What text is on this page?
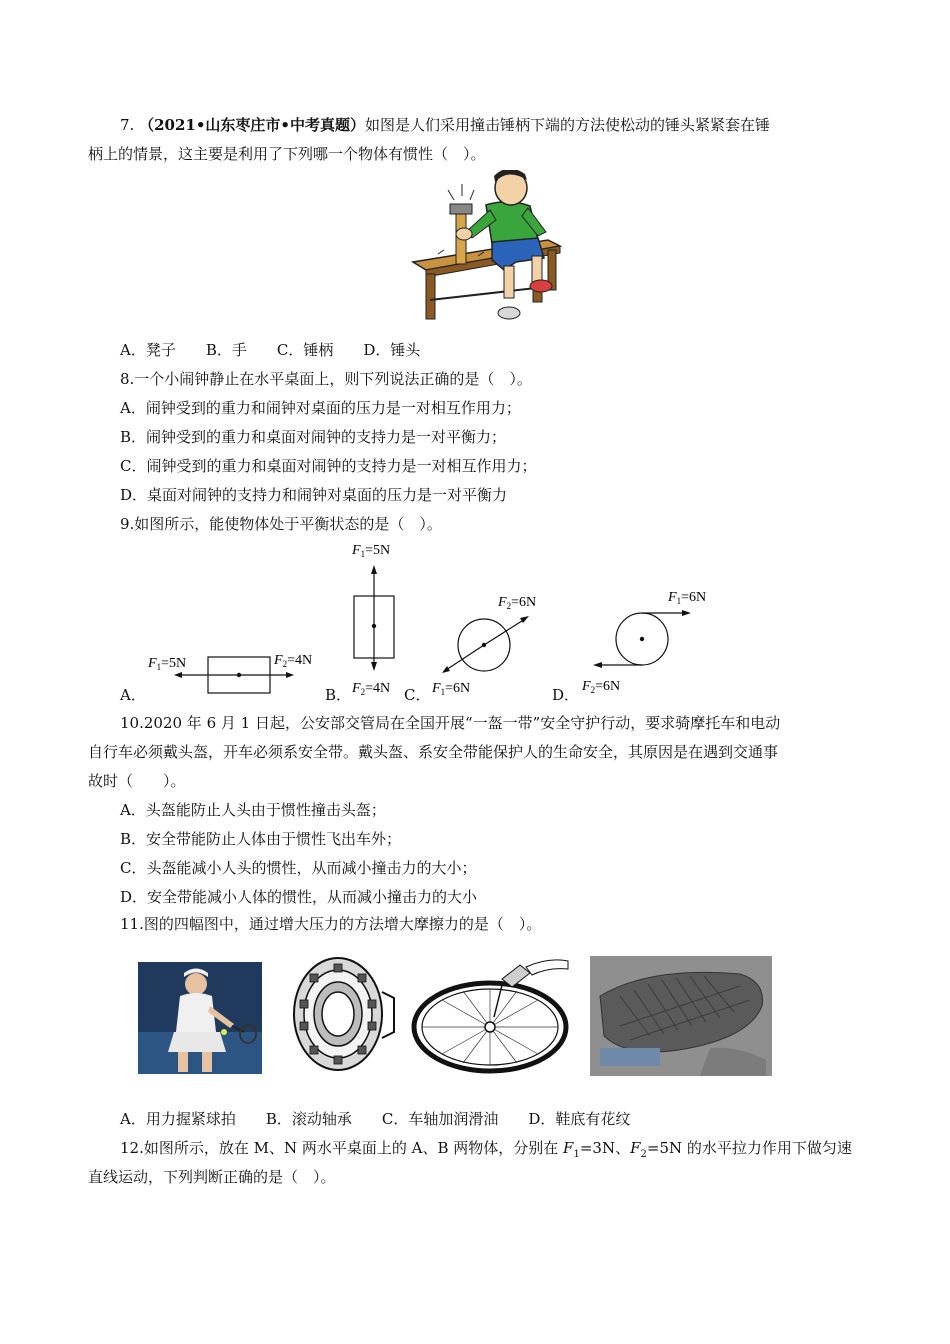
7. （2021•山东枣庄市•中考真题）如图是人们采用撞击锤柄下端的方法使松动的锤头紧紧套在锤
柄上的情景，这主要是利用了下列哪一个物体有惯性（　）。
A．凳子　　B．手　　C．锤柄　　D．锤头
8.一个小闹钟静止在水平桌面上，则下列说法正确的是（　）。
A．闹钟受到的重力和闹钟对桌面的压力是一对相互作用力；
B．闹钟受到的重力和桌面对闹钟的支持力是一对平衡力；
C．闹钟受到的重力和桌面对闹钟的支持力是一对相互作用力；
D．桌面对闹钟的支持力和闹钟对桌面的压力是一对平衡力
9.如图所示，能使物体处于平衡状态的是（　）。
A．	B．	C．	D．
$F_1=5N$	$F_2=4N$
$F_1=5N$
$F_2=4N$
$F_2=6N$
$F_1=6N$
$F_1=6N$
$F_2=6N$
10.2020 年 6 月 1 日起，公安部交管局在全国开展“一盔一带”安全守护行动，要求骑摩托车和电动
自行车必须戴头盔，开车必须系安全带。戴头盔、系安全带能保护人的生命安全，其原因是在遇到交通事
故时（　　）。
A．头盔能防止人头由于惯性撞击头盔；
B．安全带能防止人体由于惯性飞出车外；
C．头盔能减小人头的惯性，从而减小撞击力的大小；
D．安全带能减小人体的惯性，从而减小撞击力的大小
11.图的四幅图中，通过增大压力的方法增大摩擦力的是（　）。
A．用力握紧球拍　　B．滚动轴承　　C．车轴加润滑油　　D．鞋底有花纹
12.如图所示，放在 M、N 两水平桌面上的 A、B 两物体，分别在 $F_1=3N$、$F_2=5N$ 的水平拉力作用下做匀速
直线运动，下列判断正确的是（　）。
